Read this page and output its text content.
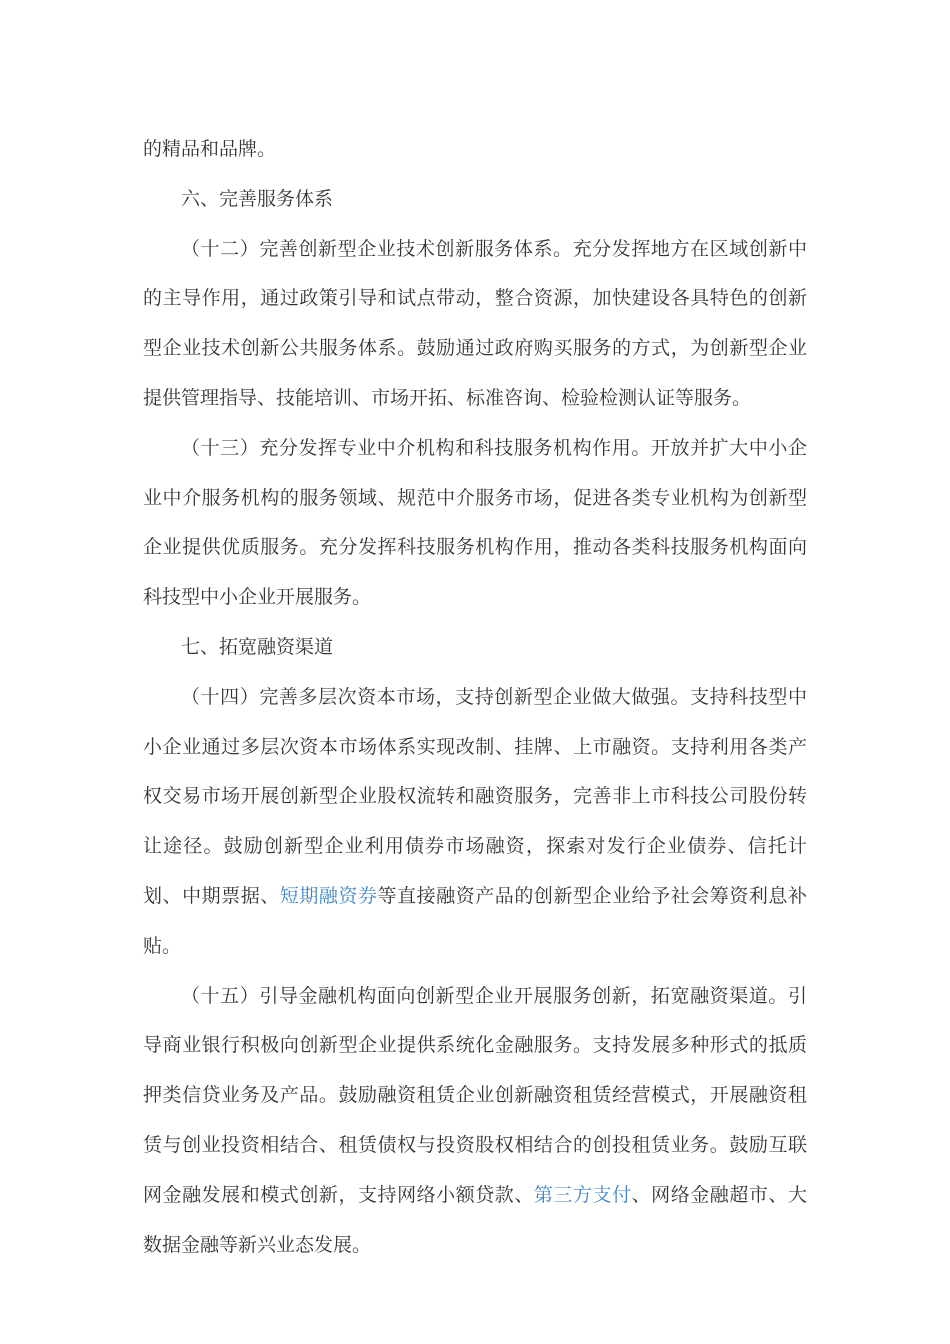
的精品和品牌。

六、完善服务体系

（十二）完善创新型企业技术创新服务体系。充分发挥地方在区域创新中的主导作用，通过政策引导和试点带动，整合资源，加快建设各具特色的创新型企业技术创新公共服务体系。鼓励通过政府购买服务的方式，为创新型企业提供管理指导、技能培训、市场开拓、标准咨询、检验检测认证等服务。

（十三）充分发挥专业中介机构和科技服务机构作用。开放并扩大中小企业中介服务机构的服务领域、规范中介服务市场，促进各类专业机构为创新型企业提供优质服务。充分发挥科技服务机构作用，推动各类科技服务机构面向科技型中小企业开展服务。

七、拓宽融资渠道

（十四）完善多层次资本市场，支持创新型企业做大做强。支持科技型中小企业通过多层次资本市场体系实现改制、挂牌、上市融资。支持利用各类产权交易市场开展创新型企业股权流转和融资服务，完善非上市科技公司股份转让途径。鼓励创新型企业利用债券市场融资，探索对发行企业债券、信托计划、中期票据、短期融资券等直接融资产品的创新型企业给予社会筹资利息补贴。

（十五）引导金融机构面向创新型企业开展服务创新，拓宽融资渠道。引导商业银行积极向创新型企业提供系统化金融服务。支持发展多种形式的抵质押类信贷业务及产品。鼓励融资租赁企业创新融资租赁经营模式，开展融资租赁与创业投资相结合、租赁债权与投资股权相结合的创投租赁业务。鼓励互联网金融发展和模式创新，支持网络小额贷款、第三方支付、网络金融超市、大数据金融等新兴业态发展。
